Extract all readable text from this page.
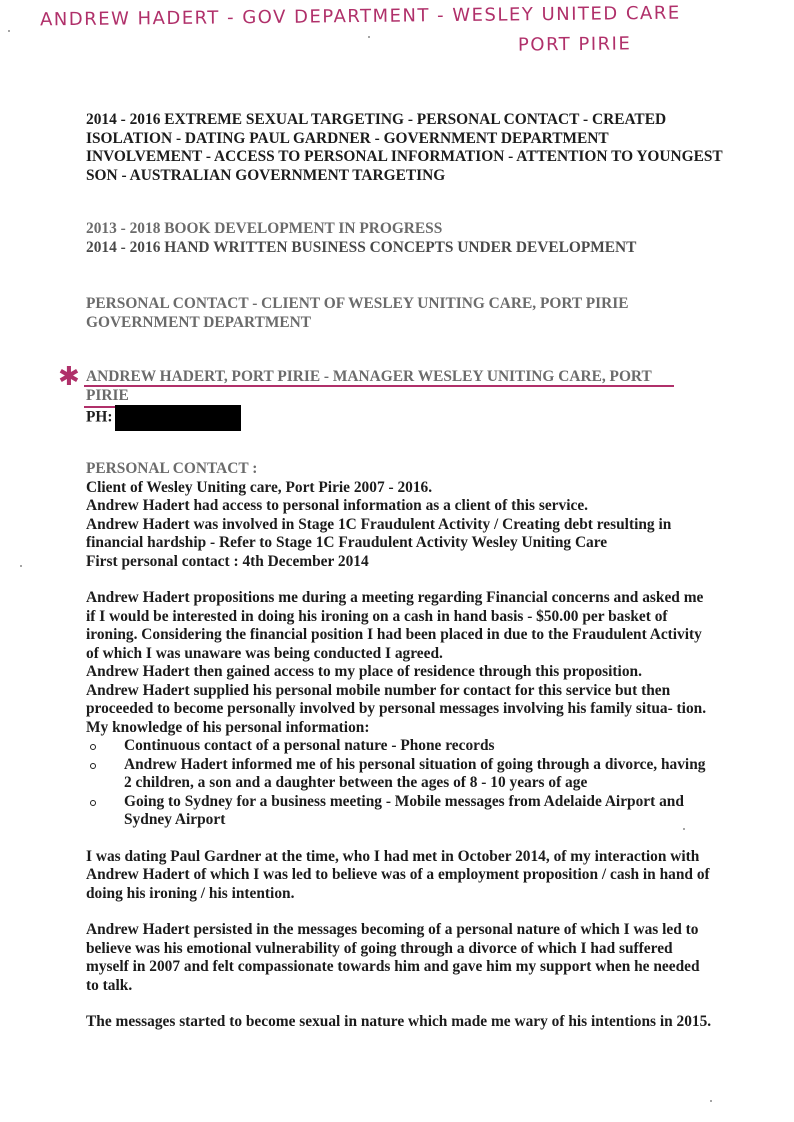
ANDREW HADERT - GOV DEPARTMENT - WESLEY UNITED CARE
PORT PIRIE

2014 - 2016 EXTREME SEXUAL TARGETING - PERSONAL CONTACT - CREATED ISOLATION - DATING PAUL GARDNER - GOVERNMENT DEPARTMENT INVOLVEMENT - ACCESS TO PERSONAL INFORMATION - ATTENTION TO YOUNGEST SON - AUSTRALIAN GOVERNMENT TARGETING

2013 - 2018 BOOK DEVELOPMENT IN PROGRESS

2014 - 2016 HAND WRITTEN BUSINESS CONCEPTS UNDER DEVELOPMENT

PERSONAL CONTACT - CLIENT OF WESLEY UNITING CARE, PORT PIRIE

GOVERNMENT DEPARTMENT

✱ ANDREW HADERT, PORT PIRIE - MANAGER WESLEY UNITING CARE, PORT PIRIE

PH:

PERSONAL CONTACT :

Client of Wesley Uniting care, Port Pirie 2007 - 2016.

Andrew Hadert had access to personal information as a client of this service.

Andrew Hadert was involved in Stage 1C Fraudulent Activity / Creating debt resulting in financial hardship - Refer to Stage 1C Fraudulent Activity Wesley Uniting Care

First personal contact : 4th December 2014

Andrew Hadert propositions me during a meeting regarding Financial concerns and asked me if I would be interested in doing his ironing on a cash in hand basis - $50.00 per basket of ironing. Considering the financial position I had been placed in due to the Fraudulent Activity of which I was unaware was being conducted I agreed.

Andrew Hadert then gained access to my place of residence through this proposition.

Andrew Hadert supplied his personal mobile number for contact for this service but then proceeded to become personally involved by personal messages involving his family situa- tion.

My knowledge of his personal information:

Continuous contact of a personal nature - Phone records
Andrew Hadert informed me of his personal situation of going through a divorce, having 2 children, a son and a daughter between the ages of 8 - 10 years of age
Going to Sydney for a business meeting - Mobile messages from Adelaide Airport and Sydney Airport

I was dating Paul Gardner at the time, who I had met in October 2014, of my interaction with Andrew Hadert of which I was led to believe was of a employment proposition / cash in hand of doing his ironing / his intention.

Andrew Hadert persisted in the messages becoming of a personal nature of which I was led to believe was his emotional vulnerability of going through a divorce of which I had suffered myself in 2007 and felt compassionate towards him and gave him my support when he needed to talk.

The messages started to become sexual in nature which made me wary of his intentions in 2015.
